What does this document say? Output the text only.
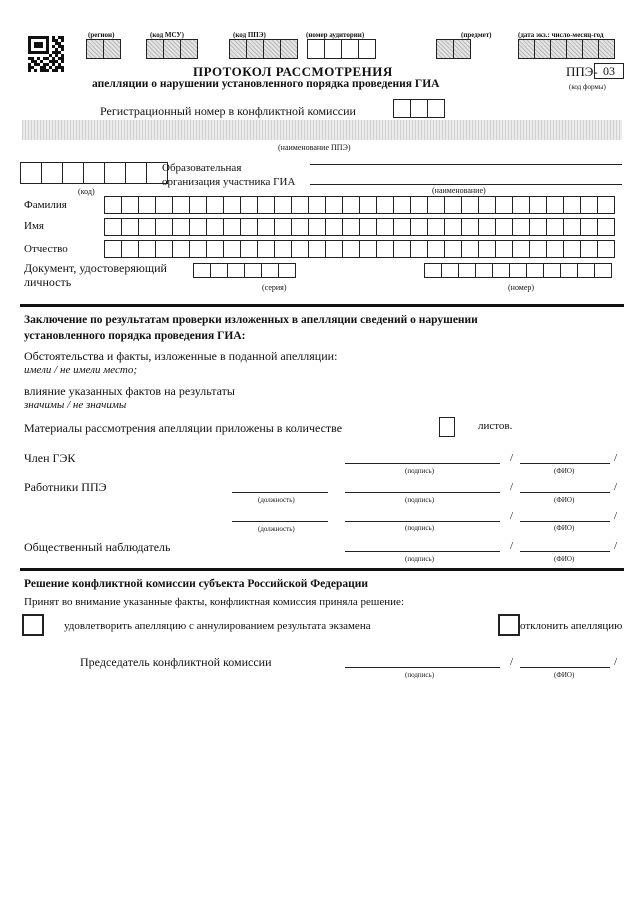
(регион)	(код МСУ)	(код ППЭ)	(номер аудитории)	(предмет)	(дата экз.: число-месяц-год
ПРОТОКОЛ РАССМОТРЕНИЯ
апелляции о нарушении установленного порядка проведения ГИА
ППЭ- 03
(код формы)
Регистрационный номер в конфликтной комиссии
(наименование ППЭ)
Образовательная
организация участника ГИА
(код)	(наименование)
Фамилия
Имя
Отчество
Документ, удостоверяющий
личность	(серия)	(номер)
Заключение по результатам проверки изложенных в апелляции сведений о нарушении
установленного порядка проведения ГИА:
Обстоятельства и факты, изложенные в поданной апелляции:
имели / не имели место;
влияние указанных фактов на результаты
значимы / не значимы
Материалы рассмотрения апелляции приложены в количестве	листов.
Член ГЭК	/	/
(подпись)	(ФИО)
Работники ППЭ	/	/
(должность)	(подпись)	(ФИО)
/	/
(должность)	(подпись)	(ФИО)
Общественный наблюдатель	/	/
(подпись)	(ФИО)
Решение конфликтной комиссии субъекта Российской Федерации
Принят во внимание указанные факты, конфликтная комиссия приняла решение:
удовлетворить апелляцию с аннулированием результата экзамена	отклонить апелляцию
Председатель конфликтной комиссии	/	/
(подпись)	(ФИО)
